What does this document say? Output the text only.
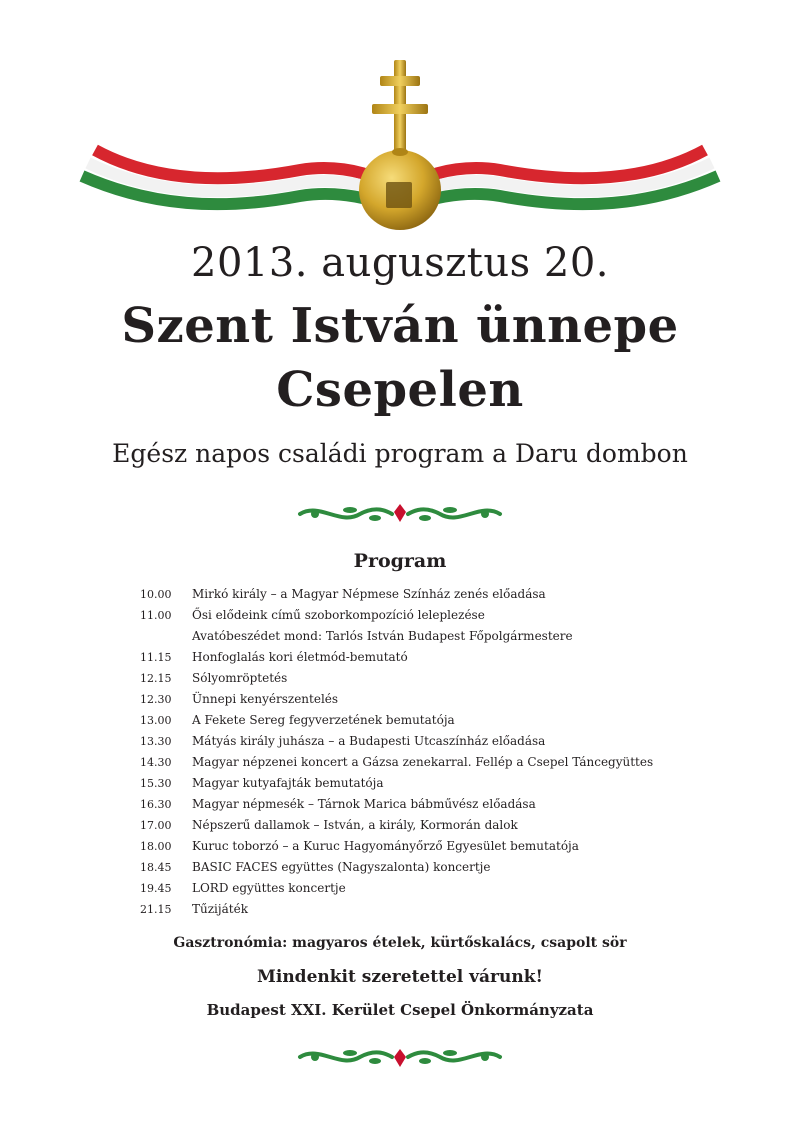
2013. augusztus 20.
Szent István ünnepe
Csepelen
Egész napos családi program a Daru dombon
Program
10.00	Mirkó király – a Magyar Népmese Színház zenés előadása
11.00	Ősi elődeink című szoborkompozíció leleplezése
Avatóbeszédet mond: Tarlós István Budapest Főpolgármestere
11.15	Honfoglalás kori életmód-bemutató
12.15	Sólyomröptetés
12.30	Ünnepi kenyérszentelés
13.00	A Fekete Sereg fegyverzetének bemutatója
13.30	Mátyás király juhásza – a Budapesti Utcaszínház előadása
14.30	Magyar népzenei koncert a Gázsa zenekarral. Fellép a Csepel Táncegyüttes
15.30	Magyar kutyafajták bemutatója
16.30	Magyar népmesék – Tárnok Marica bábművész előadása
17.00	Népszerű dallamok – István, a király, Kormorán dalok
18.00	Kuruc toborzó – a Kuruc Hagyományőrző Egyesület bemutatója
18.45	BASIC FACES együttes (Nagyszalonta) koncertje
19.45	LORD együttes koncertje
21.15	Tűzijáték
Gasztronómia: magyaros ételek, kürtőskalács, csapolt sör
Mindenkit szeretettel várunk!
Budapest XXI. Kerület Csepel Önkormányzata
